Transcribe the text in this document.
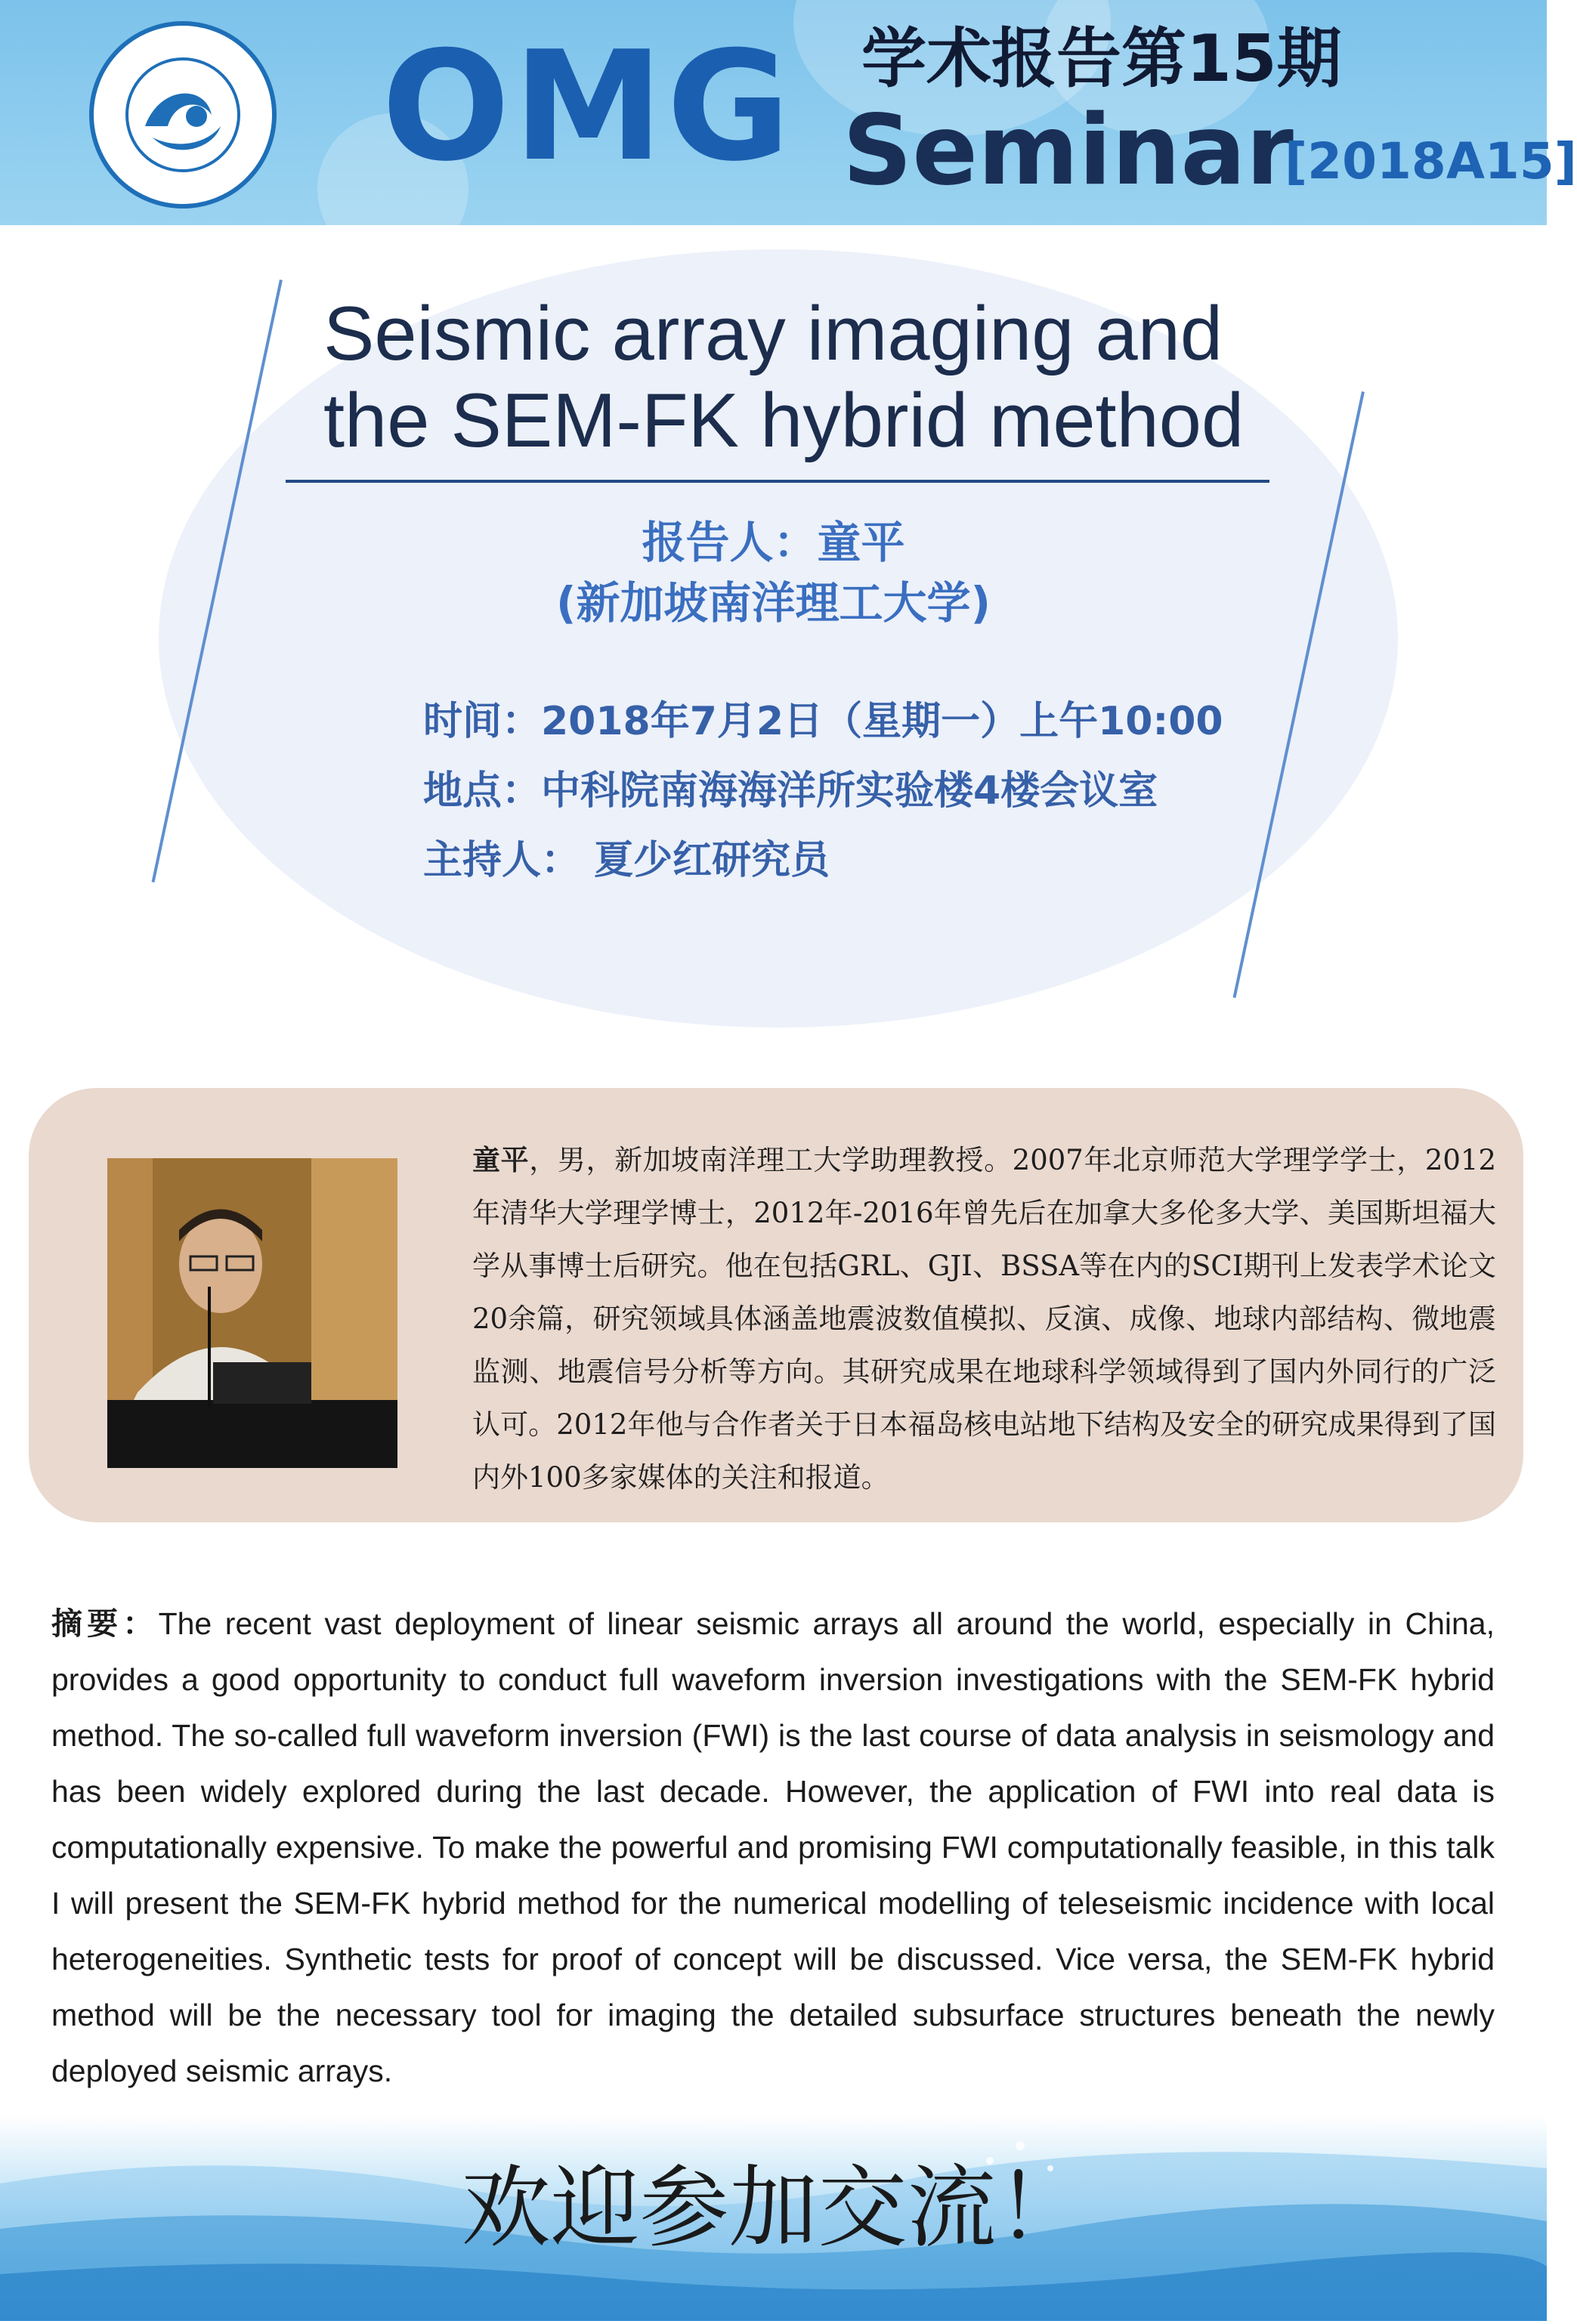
OMG 学术报告第15期
Seminar
[2018A15]
Seismic array imaging and
the SEM-FK hybrid method
报告人：童平
(新加坡南洋理工大学)
时间：2018年7月2日（星期一）上午10:00
地点：中科院南海海洋所实验楼4楼会议室
主持人： 夏少红研究员
童平，男，新加坡南洋理工大学助理教授。2007年北京师范大学理学学士，2012年清华大学理学博士，2012年-2016年曾先后在加拿大多伦多大学、美国斯坦福大学从事博士后研究。他在包括GRL、GJI、BSSA等在内的SCI期刊上发表学术论文20余篇，研究领域具体涵盖地震波数值模拟、反演、成像、地球内部结构、微地震监测、地震信号分析等方向。其研究成果在地球科学领域得到了国内外同行的广泛认可。2012年他与合作者关于日本福岛核电站地下结构及安全的研究成果得到了国内外100多家媒体的关注和报道。
摘要：The recent vast deployment of linear seismic arrays all around the world, especially in China, provides a good opportunity to conduct full waveform inversion investigations with the SEM-FK hybrid method. The so-called full waveform inversion (FWI) is the last course of data analysis in seismology and has been widely explored during the last decade. However, the application of FWI into real data is computationally expensive. To make the powerful and promising FWI computationally feasible, in this talk I will present the SEM-FK hybrid method for the numerical modelling of teleseismic incidence with local heterogeneities. Synthetic tests for proof of concept will be discussed. Vice versa, the SEM-FK hybrid method will be the necessary tool for imaging the detailed subsurface structures beneath the newly deployed seismic arrays.
欢迎参加交流！
